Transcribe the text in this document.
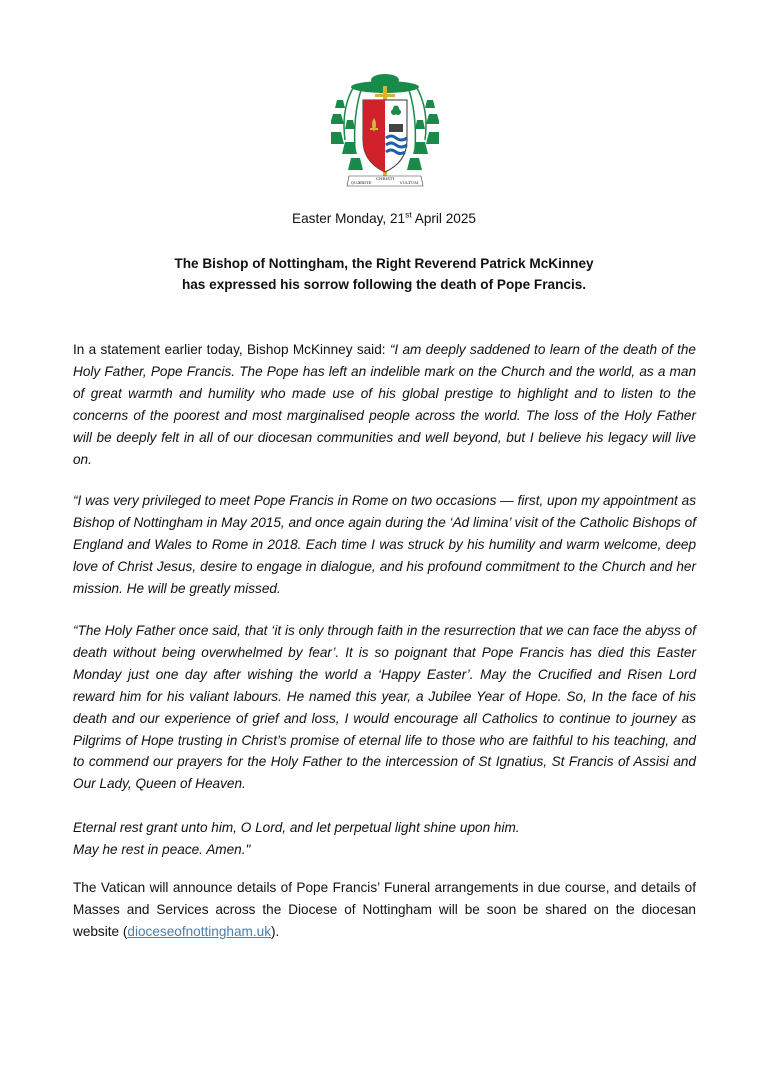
QUÆRITE
CHRISTI
VULTUM
Easter Monday, 21st April 2025
The Bishop of Nottingham, the Right Reverend Patrick McKinney
has expressed his sorrow following the death of Pope Francis.

In a statement earlier today, Bishop McKinney said: “I am deeply saddened to learn of the death of the Holy Father, Pope Francis. The Pope has left an indelible mark on the Church and the world, as a man of great warmth and humility who made use of his global prestige to highlight and to listen to the concerns of the poorest and most marginalised people across the world. The loss of the Holy Father will be deeply felt in all of our diocesan communities and well beyond, but I believe his legacy will live on.

“I was very privileged to meet Pope Francis in Rome on two occasions — first, upon my appointment as Bishop of Nottingham in May 2015, and once again during the ‘Ad limina’ visit of the Catholic Bishops of England and Wales to Rome in 2018. Each time I was struck by his humility and warm welcome, deep love of Christ Jesus, desire to engage in dialogue, and his profound commitment to the Church and her mission. He will be greatly missed.

“The Holy Father once said, that ‘it is only through faith in the resurrection that we can face the abyss of death without being overwhelmed by fear’. It is so poignant that Pope Francis has died this Easter Monday just one day after wishing the world a ‘Happy Easter’. May the Crucified and Risen Lord reward him for his valiant labours. He named this year, a Jubilee Year of Hope. So, In the face of his death and our experience of grief and loss, I would encourage all Catholics to continue to journey as Pilgrims of Hope trusting in Christ’s promise of eternal life to those who are faithful to his teaching, and to commend our prayers for the Holy Father to the intercession of St Ignatius, St Francis of Assisi and Our Lady, Queen of Heaven.

Eternal rest grant unto him, O Lord, and let perpetual light shine upon him.
May he rest in peace. Amen."

The Vatican will announce details of Pope Francis’ Funeral arrangements in due course, and details of Masses and Services across the Diocese of Nottingham will be soon be shared on the diocesan website (dioceseofnottingham.uk).
